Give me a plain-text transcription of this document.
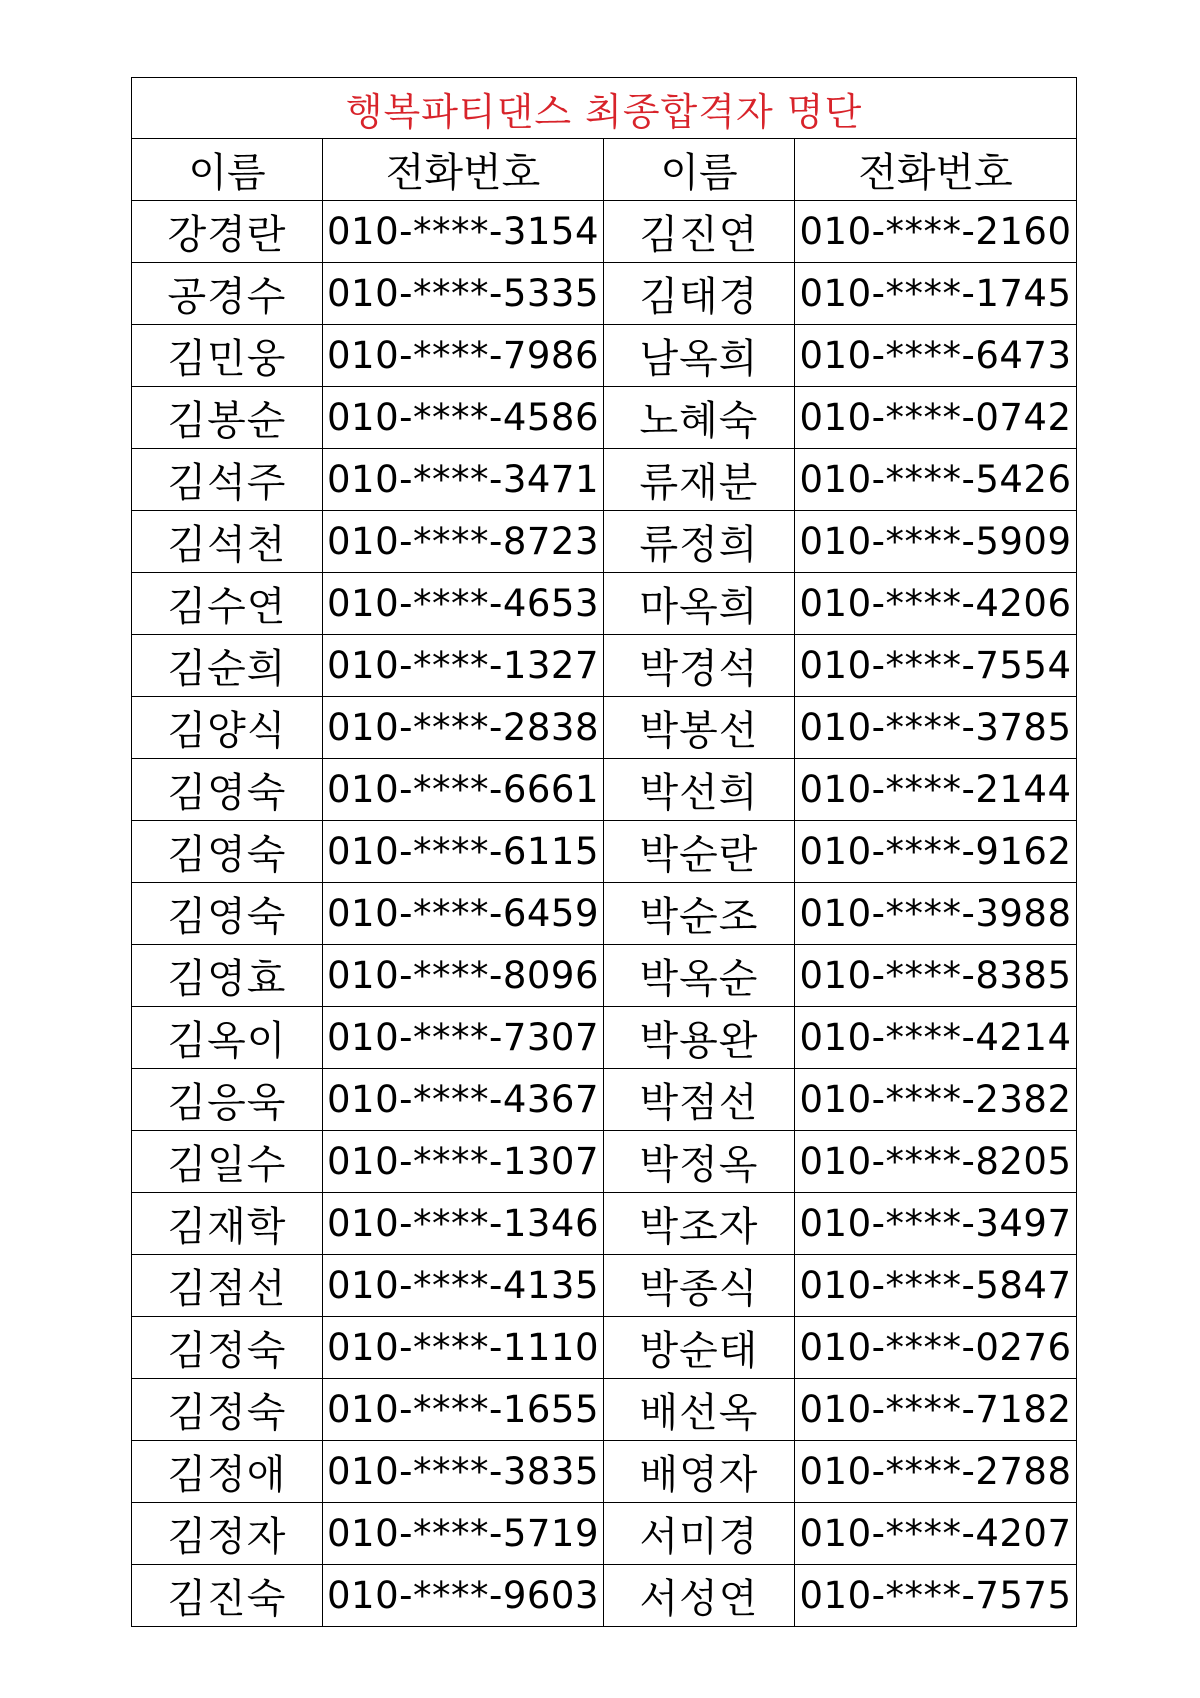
행복파티댄스 최종합격자 명단			
이름	전화번호	이름	전화번호
강경란	010-****-3154	김진연	010-****-2160
공경수	010-****-5335	김태경	010-****-1745
김민웅	010-****-7986	남옥희	010-****-6473
김봉순	010-****-4586	노혜숙	010-****-0742
김석주	010-****-3471	류재분	010-****-5426
김석천	010-****-8723	류정희	010-****-5909
김수연	010-****-4653	마옥희	010-****-4206
김순희	010-****-1327	박경석	010-****-7554
김양식	010-****-2838	박봉선	010-****-3785
김영숙	010-****-6661	박선희	010-****-2144
김영숙	010-****-6115	박순란	010-****-9162
김영숙	010-****-6459	박순조	010-****-3988
김영효	010-****-8096	박옥순	010-****-8385
김옥이	010-****-7307	박용완	010-****-4214
김응욱	010-****-4367	박점선	010-****-2382
김일수	010-****-1307	박정옥	010-****-8205
김재학	010-****-1346	박조자	010-****-3497
김점선	010-****-4135	박종식	010-****-5847
김정숙	010-****-1110	방순태	010-****-0276
김정숙	010-****-1655	배선옥	010-****-7182
김정애	010-****-3835	배영자	010-****-2788
김정자	010-****-5719	서미경	010-****-4207
김진숙	010-****-9603	서성연	010-****-7575
